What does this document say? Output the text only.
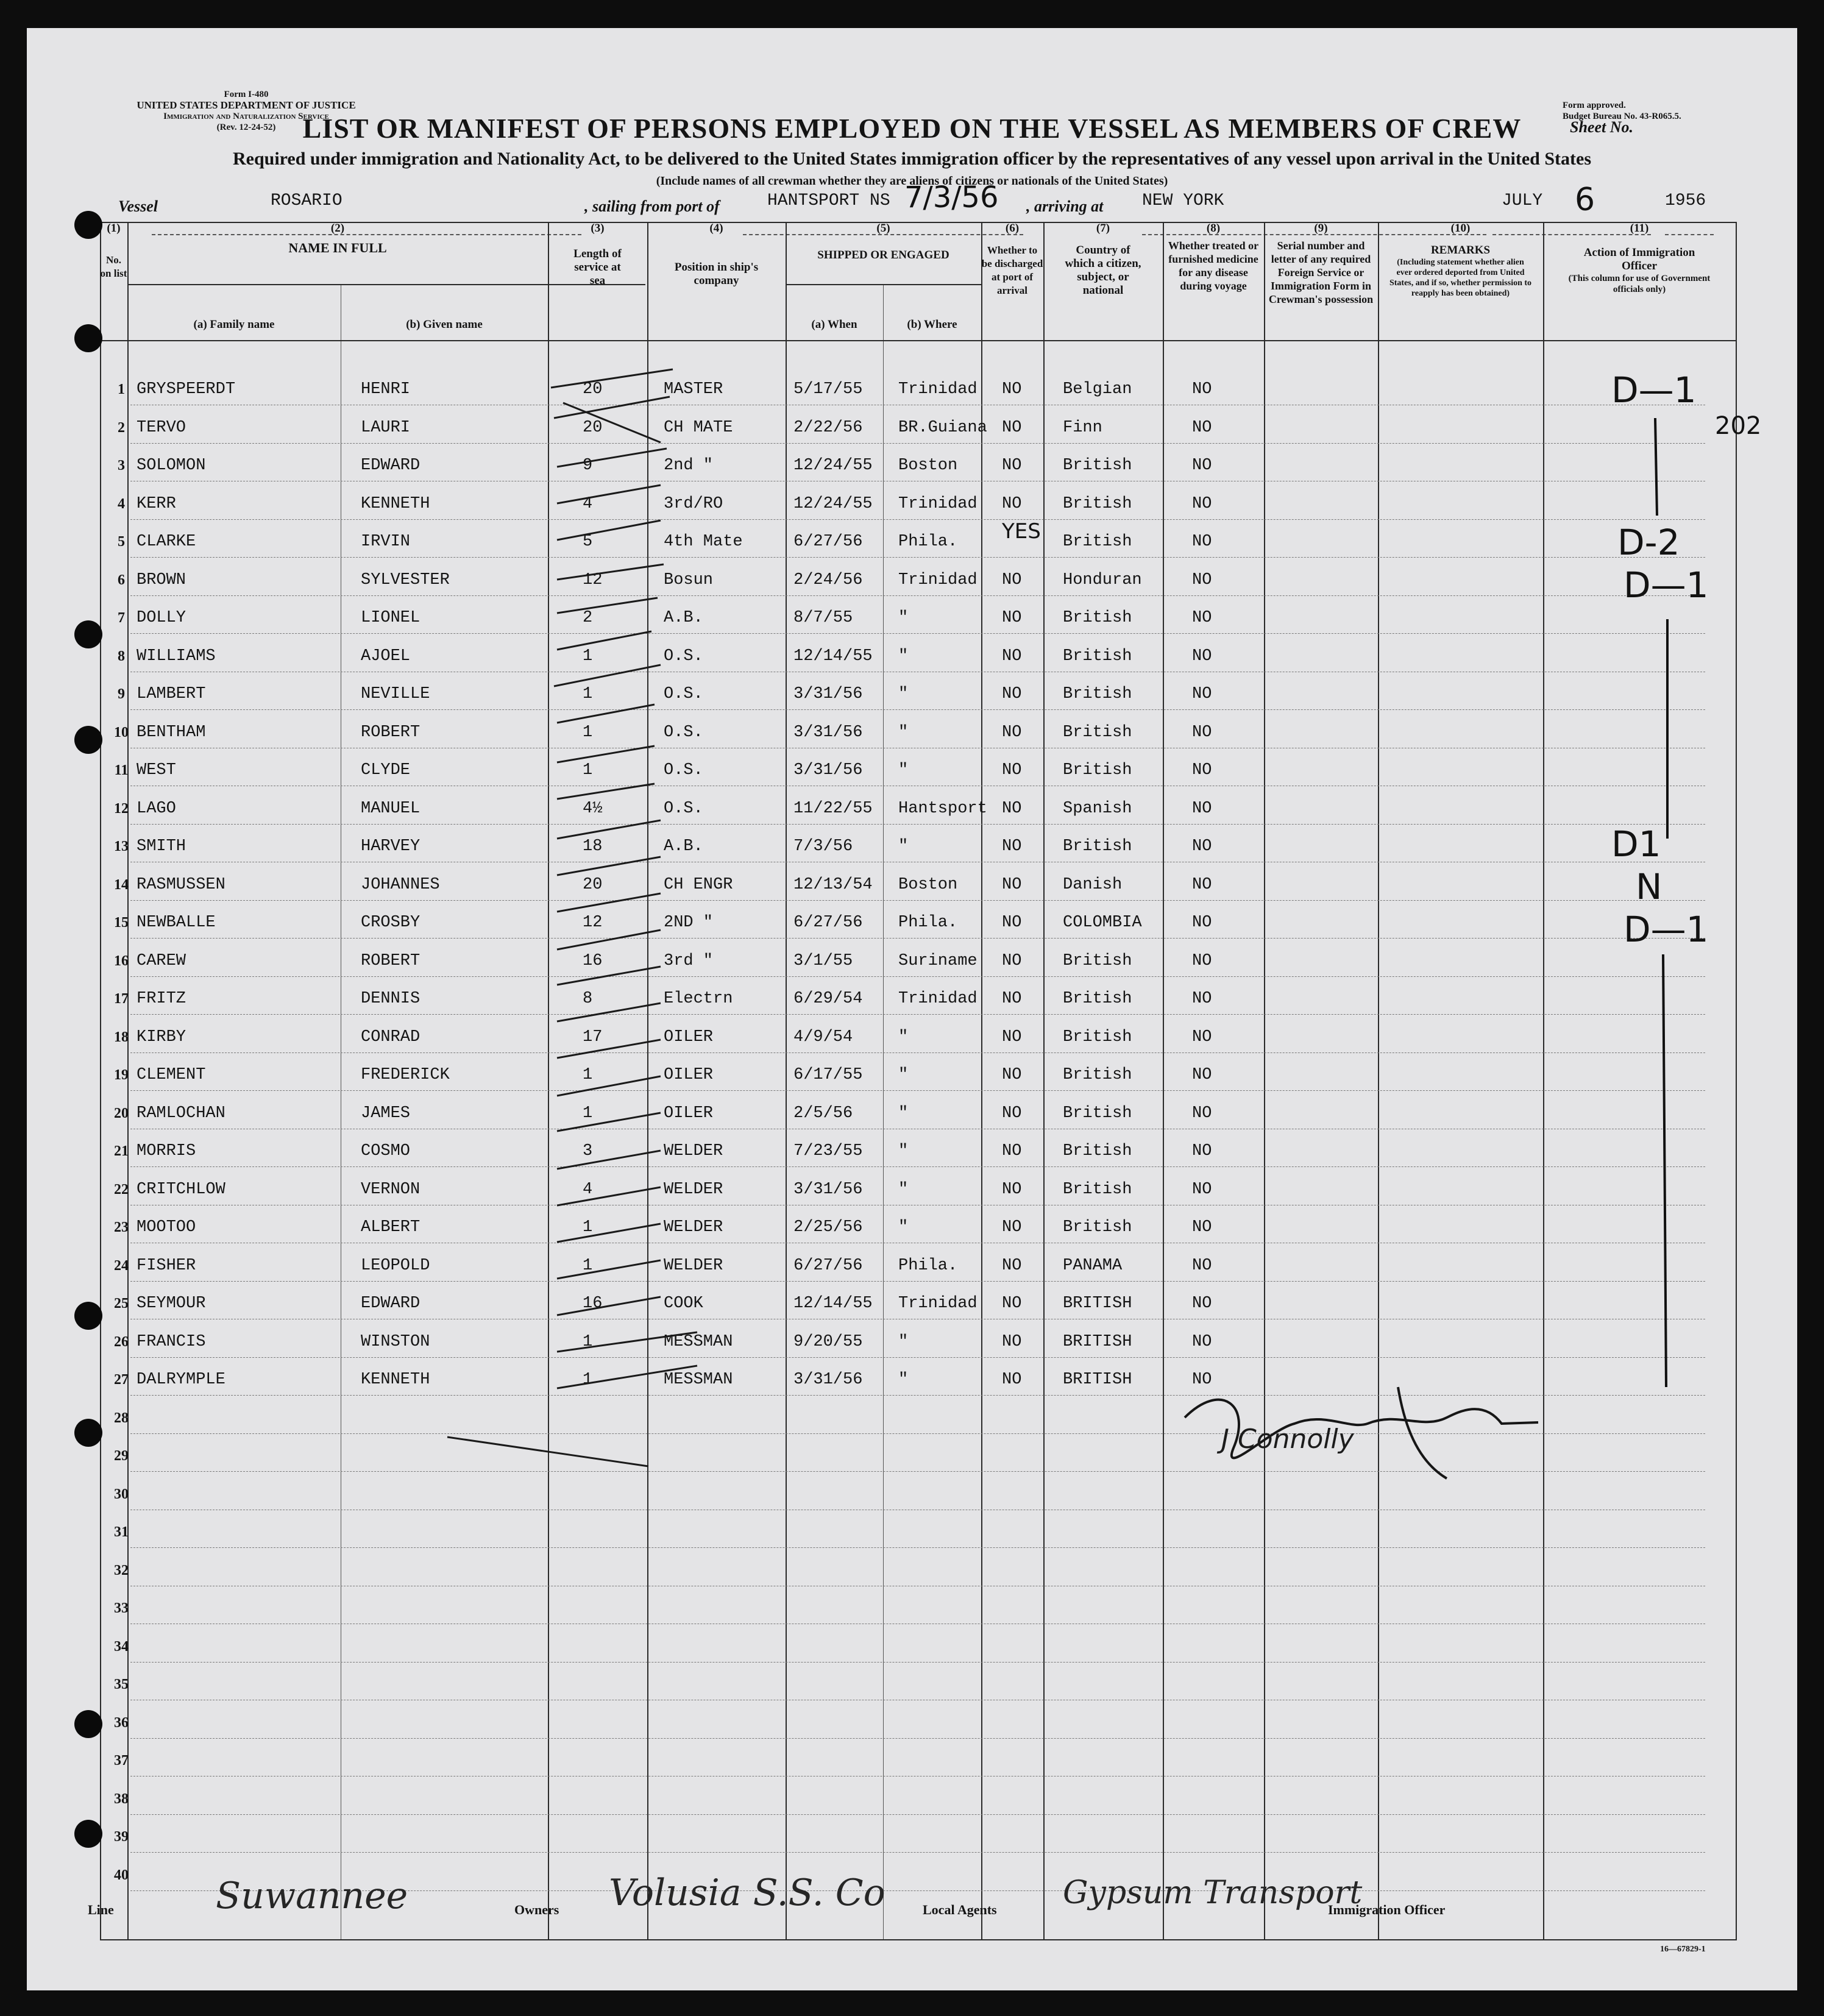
Form I-480
UNITED STATES DEPARTMENT OF JUSTICE
Immigration and Naturalization Service
(Rev. 12-24-52)
Form approved.
Budget Bureau No. 43-R065.5.
LIST OR MANIFEST OF PERSONS EMPLOYED ON THE VESSEL AS MEMBERS OF CREW	Sheet No.
Required under immigration and Nationality Act, to be delivered to the United States immigration officer by the representatives of any vessel upon arrival in the United States
(Include names of all crewman whether they are aliens of citizens or nationals of the United States)
Vessel	ROSARIO	, sailing from port of	HANTSPORT NS 7/3/56 , arriving at NEW YORK	JULY 6	1956
(1)
No. on list
(2)
NAME IN FULL
(a) Family name	(b) Given name
(3)
Length of service at sea
(4)
Position in ship's company
(5)
SHIPPED OR ENGAGED
(a) When	(b) Where
(6)
Whether to be discharged at port of arrival
(7)
Country of which a citizen, subject, or national
(8)
Whether treated or furnished medicine for any disease during voyage
(9)
Serial number and letter of any required Foreign Service or Immigration Form in Crewman's possession
(10)
REMARKS
(Including statement whether alien ever ordered deported from United States, and if so, whether permission to reapply has been obtained)
(11)
Action of Immigration Officer
(This column for use of Government officials only)
1 GRYSPEERDT	HENRI	20	MASTER	5/17/55 Trinidad NO	Belgian	NO
2 TERVO	LAURI	20	CH MATE	2/22/56 BR.Guiana NO	Finn	NO
3 SOLOMON	EDWARD	9	2nd "	12/24/55 Boston	NO	British	NO
4 KERR	KENNETH	4	3rd/RO	12/24/55 Trinidad NO	British	NO
5 CLARKE	IRVIN	5	4th Mate	6/27/56 Phila. YES British	NO
6 BROWN	SYLVESTER	12	Bosun	2/24/56 Trinidad NO	Honduran	NO
7 DOLLY	LIONEL	2	A.B.	8/7/55	"	NO	British	NO
8 WILLIAMS	AJOEL	1	O.S.	12/14/55 "	NO	British	NO
9 LAMBERT	NEVILLE	1	O.S.	3/31/56 "	NO	British	NO
10 BENTHAM	ROBERT	1	O.S.	3/31/56 "	NO	British	NO
11 WEST	CLYDE	1	O.S.	3/31/56 "	NO	British	NO
12 LAGO	MANUEL	4½	O.S.	11/22/55 Hantsport NO	Spanish	NO
13 SMITH	HARVEY	18	A.B.	7/3/56	"	NO	British	NO
14 RASMUSSEN	JOHANNES	20	CH ENGR	12/13/54 Boston	NO	Danish	NO
15 NEWBALLE	CROSBY	12	2ND "	6/27/56 Phila.	NO	COLOMBIA	NO
16 CAREW	ROBERT	16	3rd "	3/1/55	Suriname NO	British	NO
17 FRITZ	DENNIS	8	Electrn	6/29/54 Trinidad NO	British	NO
18 KIRBY	CONRAD	17	OILER	4/9/54	"	NO	British	NO
19 CLEMENT	FREDERICK	1	OILER	6/17/55 "	NO	British	NO
20 RAMLOCHAN	JAMES	1	OILER	2/5/56	"	NO	British	NO
21 MORRIS	COSMO	3	WELDER	7/23/55 "	NO	British	NO
22 CRITCHLOW	VERNON	4	WELDER	3/31/56 "	NO	British	NO
23 MOOTOO	ALBERT	1	WELDER	2/25/56 "	NO	British	NO
24 FISHER	LEOPOLD	1	WELDER	6/27/56 Phila.	NO	PANAMA	NO
25 SEYMOUR	EDWARD	16	COOK	12/14/55 Trinidad NO	BRITISH	NO
26 FRANCIS	WINSTON	1	MESSMAN	9/20/55 "	NO	BRITISH	NO
27 DALRYMPLE	KENNETH	1	MESSMAN	3/31/56 "	NO	BRITISH	NO
28
29
30
31
32
33
34
35
36
37
38
39
40
D—1
202
D-2
D—1
D1
N
D—1
J Connolly
Line	Suwannee	Owners Volusia S.S. Co	Local Agents Gypsum Transport
Immigration Officer
16—67829-1
